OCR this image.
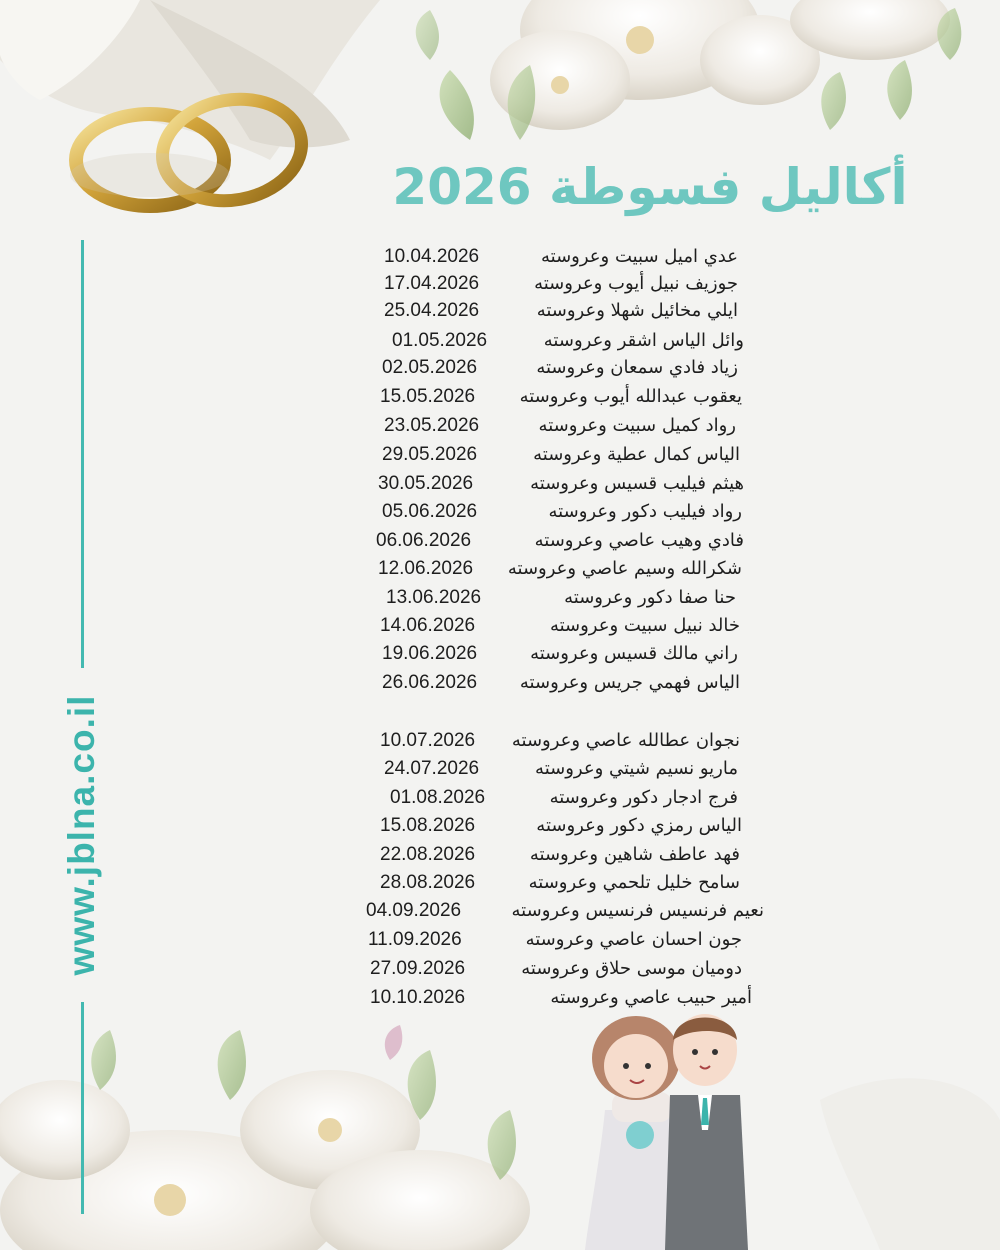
أكاليل فسوطة 2026
www.jblna.co.il
10.04.2026	عدي اميل سبيت وعروسته
17.04.2026	جوزيف نبيل أيوب وعروسته
25.04.2026	ايلي مخائيل شهلا وعروسته
01.05.2026	وائل الياس اشقر وعروسته
02.05.2026	زياد فادي سمعان وعروسته
15.05.2026 يعقوب عبدالله أيوب وعروسته
23.05.2026	رواد كميل سبيت وعروسته
29.05.2026	الياس كمال عطية وعروسته
30.05.2026	هيثم فيليب قسيس وعروسته
05.06.2026	رواد فيليب دكور وعروسته
06.06.2026	فادي وهيب عاصي وعروسته
12.06.2026 شكرالله وسيم عاصي وعروسته
13.06.2026	حنا صفا دكور وعروسته
14.06.2026	خالد نبيل سبيت وعروسته
19.06.2026	راني مالك قسيس وعروسته
26.06.2026 الياس فهمي جريس وعروسته
10.07.2026 نجوان عطالله عاصي وعروسته
24.07.2026	ماريو نسيم شيتي وعروسته
01.08.2026	فرج ادجار دكور وعروسته
15.08.2026	الياس رمزي دكور وعروسته
22.08.2026	فهد عاطف شاهين وعروسته
28.08.2026	سامح خليل تلحمي وعروسته
04.09.2026	نعيم فرنسيس فرنسيس وعروسته
11.09.2026	جون احسان عاصي وعروسته
27.09.2026	دوميان موسى حلاق وعروسته
10.10.2026	أمير حبيب عاصي وعروسته
